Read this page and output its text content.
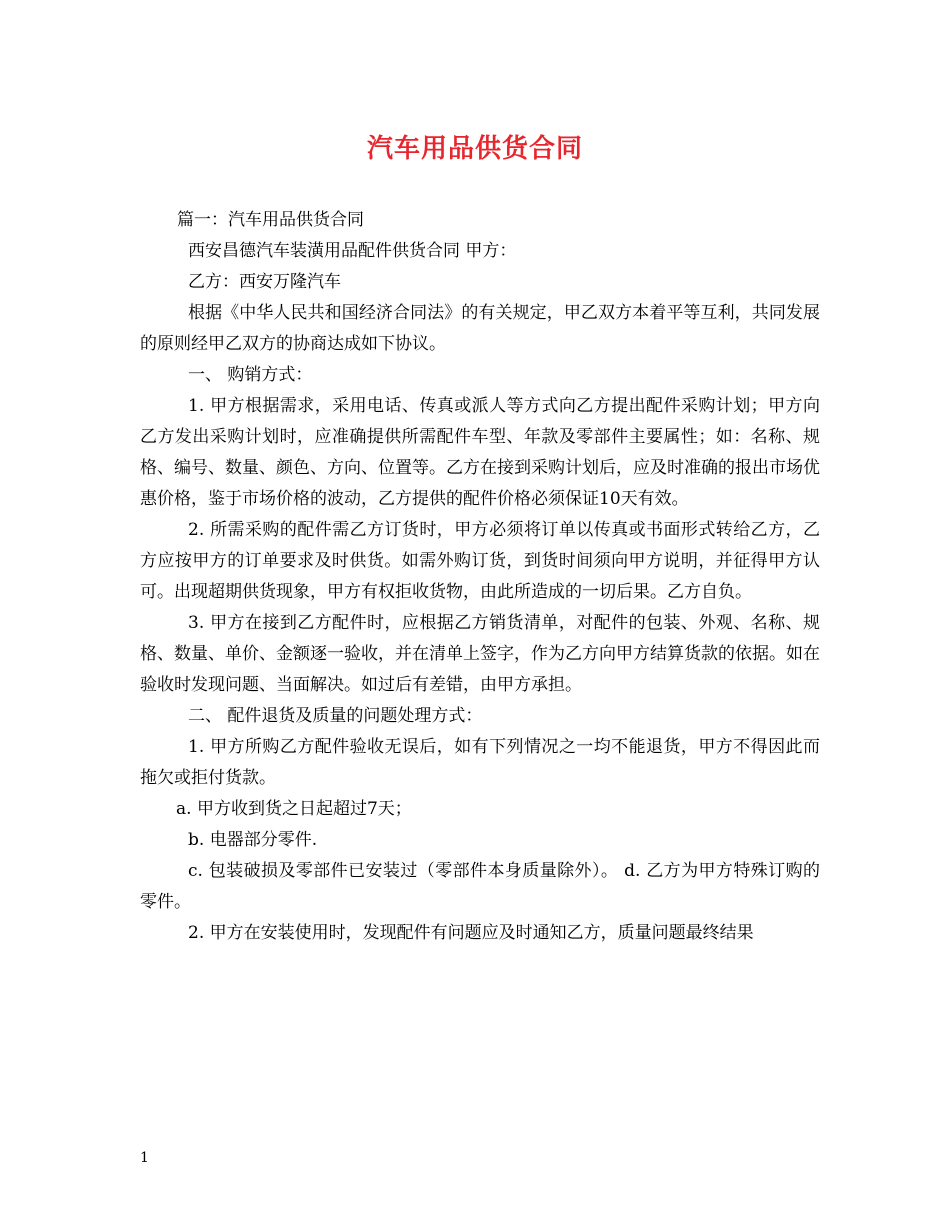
汽车用品供货合同

篇一：汽车用品供货合同

西安昌德汽车装潢用品配件供货合同 甲方：

乙方：西安万隆汽车

根据《中华人民共和国经济合同法》的有关规定，甲乙双方本着平等互利，共同发展的原则经甲乙双方的协商达成如下协议。

一、 购销方式：

1. 甲方根据需求，采用电话、传真或派人等方式向乙方提出配件采购计划；甲方向乙方发出采购计划时，应准确提供所需配件车型、年款及零部件主要属性；如：名称、规格、编号、数量、颜色、方向、位置等。乙方在接到采购计划后，应及时准确的报出市场优惠价格，鉴于市场价格的波动，乙方提供的配件价格必须保证10天有效。

2. 所需采购的配件需乙方订货时，甲方必须将订单以传真或书面形式转给乙方，乙方应按甲方的订单要求及时供货。如需外购订货，到货时间须向甲方说明，并征得甲方认可。出现超期供货现象，甲方有权拒收货物，由此所造成的一切后果。乙方自负。

3. 甲方在接到乙方配件时，应根据乙方销货清单，对配件的包装、外观、名称、规格、数量、单价、金额逐一验收，并在清单上签字，作为乙方向甲方结算货款的依据。如在验收时发现问题、当面解决。如过后有差错，由甲方承担。

二、 配件退货及质量的问题处理方式：

1. 甲方所购乙方配件验收无误后，如有下列情况之一均不能退货，甲方不得因此而拖欠或拒付货款。

a. 甲方收到货之日起超过7天；

b. 电器部分零件.

c. 包装破损及零部件已安装过（零部件本身质量除外）。 d. 乙方为甲方特殊订购的零件。

2. 甲方在安装使用时，发现配件有问题应及时通知乙方，质量问题最终结果

1
